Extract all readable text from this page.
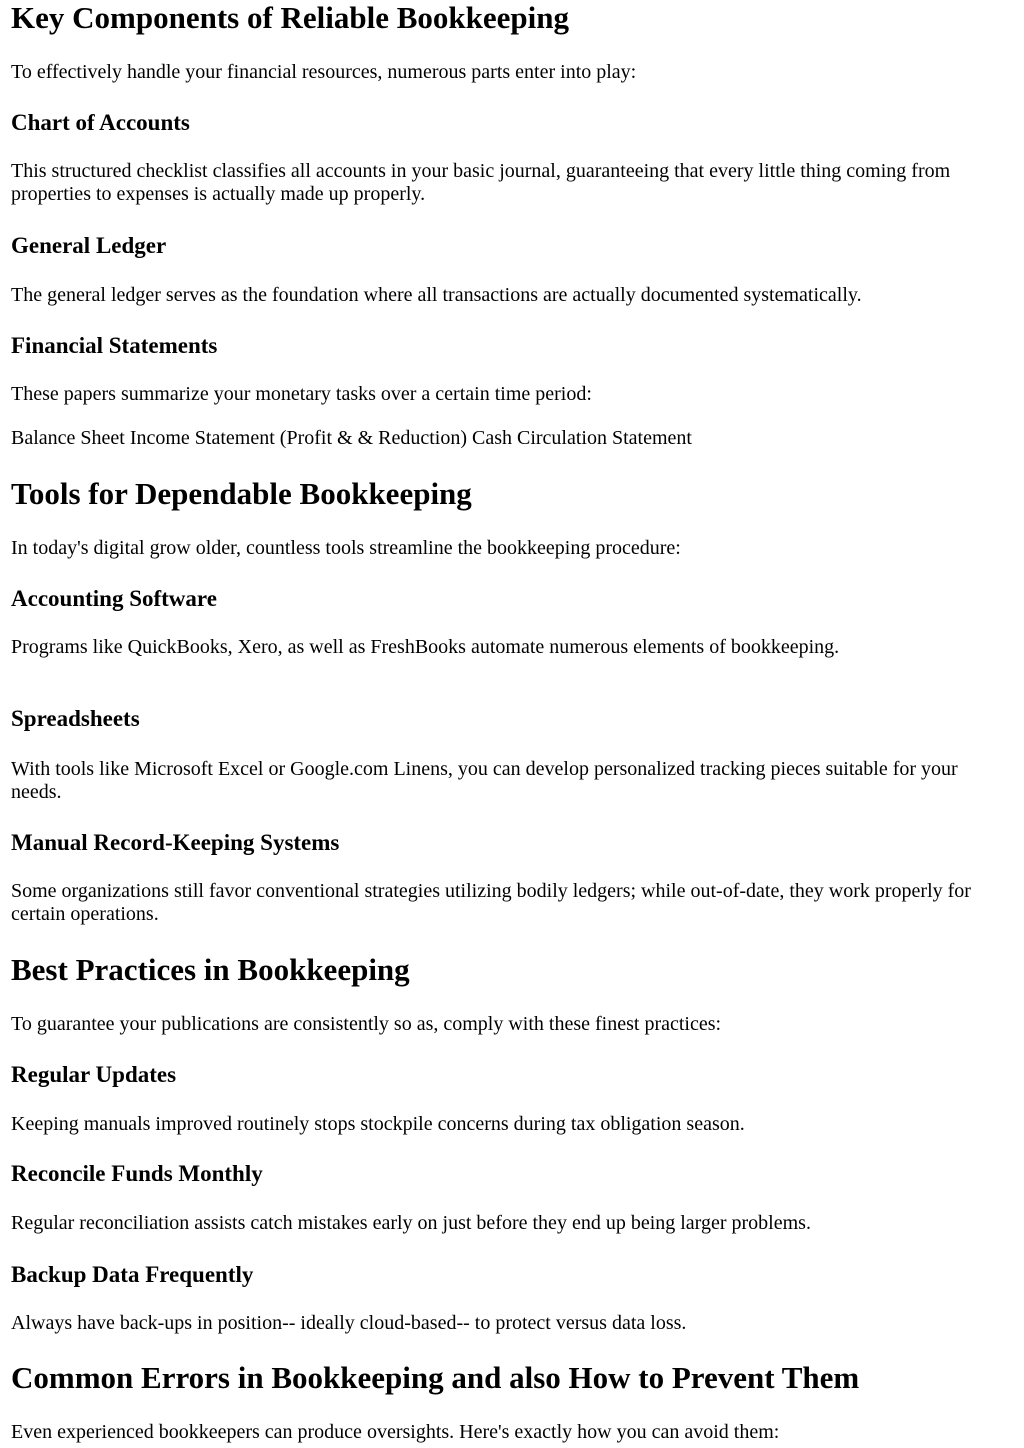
Key Components of Reliable Bookkeeping

To effectively handle your financial resources, numerous parts enter into play:

Chart of Accounts

This structured checklist classifies all accounts in your basic journal, guaranteeing that every little thing coming from properties to expenses is actually made up properly.

General Ledger

The general ledger serves as the foundation where all transactions are actually documented systematically.

Financial Statements

These papers summarize your monetary tasks over a certain time period:

Balance Sheet Income Statement (Profit & & Reduction) Cash Circulation Statement

Tools for Dependable Bookkeeping

In today's digital grow older, countless tools streamline the bookkeeping procedure:

Accounting Software

Programs like QuickBooks, Xero, as well as FreshBooks automate numerous elements of bookkeeping.

Spreadsheets

With tools like Microsoft Excel or Google.com Linens, you can develop personalized tracking pieces suitable for your needs.

Manual Record-Keeping Systems

Some organizations still favor conventional strategies utilizing bodily ledgers; while out-of-date, they work properly for certain operations.

Best Practices in Bookkeeping

To guarantee your publications are consistently so as, comply with these finest practices:

Regular Updates

Keeping manuals improved routinely stops stockpile concerns during tax obligation season.

Reconcile Funds Monthly

Regular reconciliation assists catch mistakes early on just before they end up being larger problems.

Backup Data Frequently

Always have back-ups in position-- ideally cloud-based-- to protect versus data loss.

Common Errors in Bookkeeping and also How to Prevent Them

Even experienced bookkeepers can produce oversights. Here's exactly how you can avoid them:
